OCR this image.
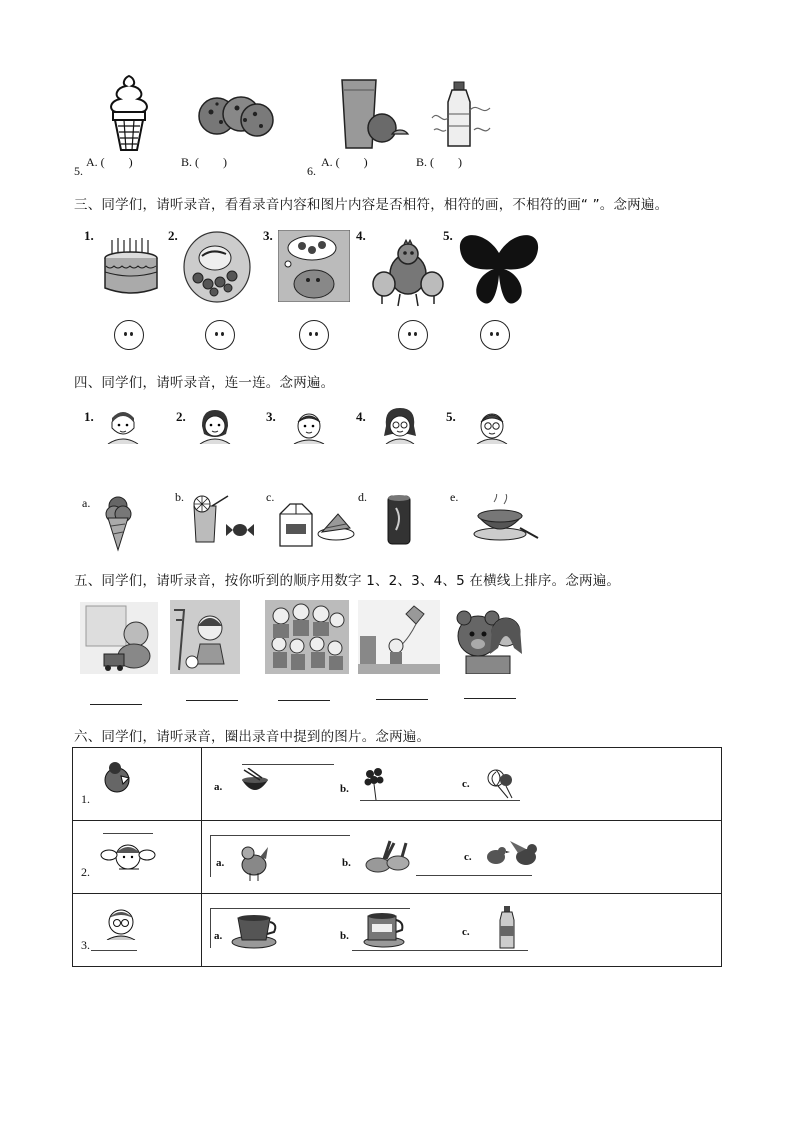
5.
A. (        )	B. (        )
6.
A. (        )	B. (        )
三、同学们，请听录音，看看录音内容和图片内容是否相符，相符的画，不相符的画“ ”。念两遍。
1.	2.	3.	4.	5.
四、同学们，请听录音，连一连。念两遍。
1.	2.	3.	4.	5.
a.	b.	c.	d.	e.
五、同学们，请听录音，按你听到的顺序用数字 1、2、3、4、5 在横线上排序。念两遍。
六、同学们，请听录音，圈出录音中提到的图片。念两遍。
1.	a. b. c.

2.	a. b. c.

3.	a. b. c.
